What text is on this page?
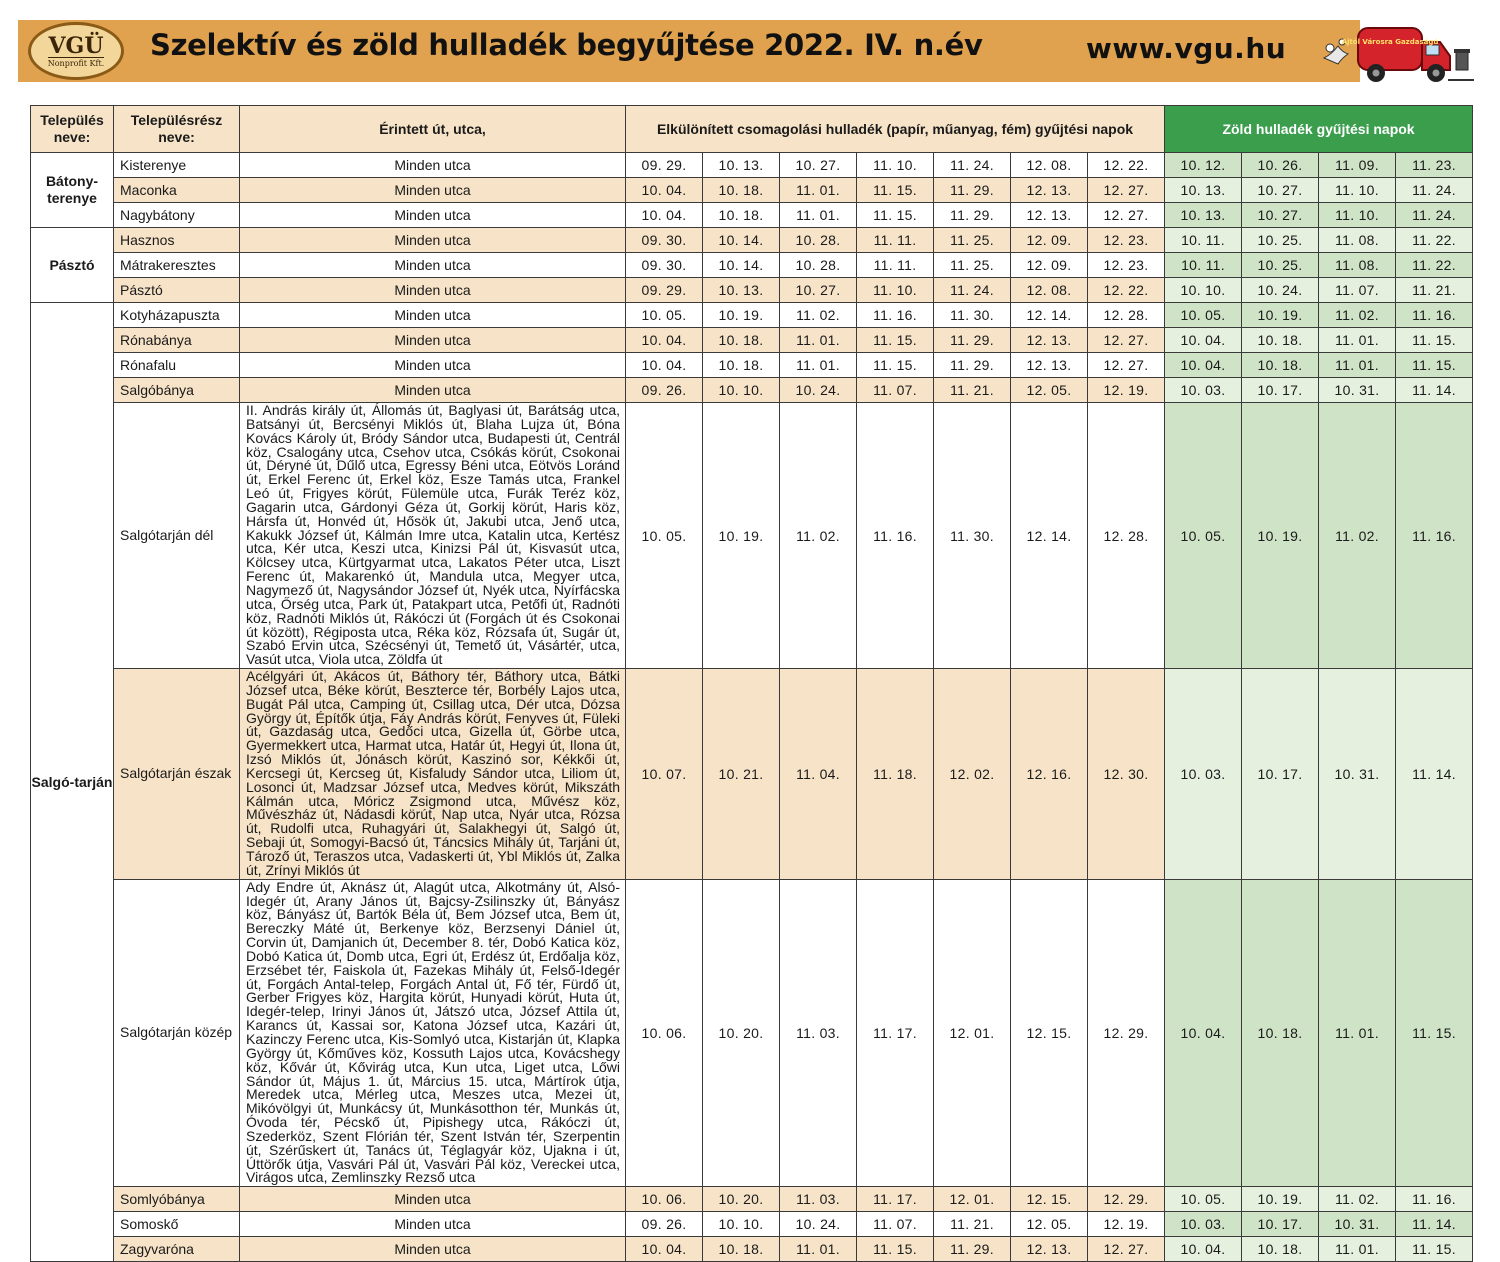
VGÜ
Nonprofit Kft.
Szelektív és zöld hulladék begyűjtése 2022. IV. n.év	www.vgu.hu	Ajtól Városra Gazdaságú
Település neve:	Településrész neve:	Érintett út, utca,	Elkülönített csomagolási hulladék (papír, műanyag, fém) gyűjtési napok							Zöld hulladék gyűjtési napok			
Bátony-terenye	Kisterenye	Minden utca	09. 29.	10. 13.	10. 27.	11. 10.	11. 24.	12. 08.	12. 22.	10. 12.	10. 26.	11. 09.	11. 23.
	Maconka	Minden utca	10. 04.	10. 18.	11. 01.	11. 15.	11. 29.	12. 13.	12. 27.	10. 13.	10. 27.	11. 10.	11. 24.
	Nagybátony	Minden utca	10. 04.	10. 18.	11. 01.	11. 15.	11. 29.	12. 13.	12. 27.	10. 13.	10. 27.	11. 10.	11. 24.
Pásztó	Hasznos	Minden utca	09. 30.	10. 14.	10. 28.	11. 11.	11. 25.	12. 09.	12. 23.	10. 11.	10. 25.	11. 08.	11. 22.
	Mátrakeresztes	Minden utca	09. 30.	10. 14.	10. 28.	11. 11.	11. 25.	12. 09.	12. 23.	10. 11.	10. 25.	11. 08.	11. 22.
	Pásztó	Minden utca	09. 29.	10. 13.	10. 27.	11. 10.	11. 24.	12. 08.	12. 22.	10. 10.	10. 24.	11. 07.	11. 21.
Salgó-tarján	Kotyházapuszta	Minden utca	10. 05.	10. 19.	11. 02.	11. 16.	11. 30.	12. 14.	12. 28.	10. 05.	10. 19.	11. 02.	11. 16.
	Rónabánya	Minden utca	10. 04.	10. 18.	11. 01.	11. 15.	11. 29.	12. 13.	12. 27.	10. 04.	10. 18.	11. 01.	11. 15.
	Rónafalu	Minden utca	10. 04.	10. 18.	11. 01.	11. 15.	11. 29.	12. 13.	12. 27.	10. 04.	10. 18.	11. 01.	11. 15.
	Salgóbánya	Minden utca	09. 26.	10. 10.	10. 24.	11. 07.	11. 21.	12. 05.	12. 19.	10. 03.	10. 17.	10. 31.	11. 14.
	Salgótarján dél	II. András király út, Állomás út, Baglyasi út, Barátság utca, Batsányi út, Bercsényi Miklós út, Blaha Lujza út, Bóna Kovács Károly út, Bródy Sándor utca, Budapesti út, Centrál köz, Csalogány utca, Csehov utca, Csókás körút, Csokonai út, Déryné út, Dűlő utca, Egressy Béni utca, Eötvös Loránd út, Erkel Ferenc út, Erkel köz, Esze Tamás utca, Frankel Leó út, Frigyes körút, Fülemüle utca, Furák Teréz köz, Gagarin utca, Gárdonyi Géza út, Gorkij körút, Haris köz, Hársfa út, Honvéd út, Hősök út, Jakubi utca, Jenő utca, Kakukk József út, Kálmán Imre utca, Katalin utca, Kertész utca, Kér utca, Keszi utca, Kinizsi Pál út, Kisvasút utca, Kölcsey utca, Kürtgyarmat utca, Lakatos Péter utca, Liszt Ferenc út, Makarenkó út, Mandula utca, Megyer utca, Nagymező út, Nagysándor József út, Nyék utca, Nyírfácska utca, Őrség utca, Park út, Patakpart utca, Petőfi út, Radnóti köz, Radnóti Miklós út, Rákóczi út (Forgách út és Csokonai út között), Régiposta utca, Réka köz, Rózsafa út, Sugár út, Szabó Ervin utca, Szécsényi út, Temető út, Vásártér, utca, Vasút utca, Viola utca, Zöldfa út	10. 05.	10. 19.	11. 02.	11. 16.	11. 30.	12. 14.	12. 28.	10. 05.	10. 19.	11. 02.	11. 16.
	Salgótarján észak	Acélgyári út, Akácos út, Báthory tér, Báthory utca, Bátki József utca, Béke körút, Beszterce tér, Borbély Lajos utca, Bugát Pál utca, Camping út, Csillag utca, Dér utca, Dózsa György út, Építők útja, Fáy András körút, Fenyves út, Füleki út, Gazdaság utca, Gedőci utca, Gizella út, Görbe utca, Gyermekkert utca, Harmat utca, Határ út, Hegyi út, Ilona út, Izsó Miklós út, Jónásch körút, Kaszinó sor, Kékkői út, Kercsegi út, Kercseg út, Kisfaludy Sándor utca, Liliom út, Losonci út, Madzsar József utca, Medves körút, Mikszáth Kálmán utca, Móricz Zsigmond utca, Művész köz, Művészház út, Nádasdi körút, Nap utca, Nyár utca, Rózsa út, Rudolfi utca, Ruhagyári út, Salakhegyi út, Salgó út, Sebaji út, Somogyi-Bacsó út, Táncsics Mihály út, Tarjáni út, Tároző út, Teraszos utca, Vadaskerti út, Ybl Miklós út, Zalka út, Zrínyi Miklós út	10. 07.	10. 21.	11. 04.	11. 18.	12. 02.	12. 16.	12. 30.	10. 03.	10. 17.	10. 31.	11. 14.
	Salgótarján közép	Ady Endre út, Aknász út, Alagút utca, Alkotmány út, Alsó-Idegér út, Arany János út, Bajcsy-Zsilinszky út, Bányász köz, Bányász út, Bartók Béla út, Bem József utca, Bem út, Bereczky Máté út, Berkenye köz, Berzsenyi Dániel út, Corvin út, Damjanich út, December 8. tér, Dobó Katica köz, Dobó Katica út, Domb utca, Egri út, Erdész út, Erdőalja köz, Erzsébet tér, Faiskola út, Fazekas Mihály út, Felső-Idegér út, Forgách Antal-telep, Forgách Antal út, Fő tér, Fürdő út, Gerber Frigyes köz, Hargita körút, Hunyadi körút, Huta út, Idegér-telep, Irinyi János út, Játszó utca, József Attila út, Karancs út, Kassai sor, Katona József utca, Kazári út, Kazinczy Ferenc utca, Kis-Somlyó utca, Kistarján út, Klapka György út, Kőműves köz, Kossuth Lajos utca, Kovácshegy köz, Kővár út, Kővirág utca, Kun utca, Liget utca, Lőwi Sándor út, Május 1. út, Március 15. utca, Mártírok útja, Meredek utca, Mérleg utca, Meszes utca, Mezei út, Mikóvölgyi út, Munkácsy út, Munkásotthon tér, Munkás út, Óvoda tér, Pécskő út, Pipishegy utca, Rákóczi út, Szederköz, Szent Flórián tér, Szent István tér, Szerpentin út, Szérűskert út, Tanács út, Téglagyár köz, Ujakna i út, Úttörők útja, Vasvári Pál út, Vasvári Pál köz, Vereckei utca, Virágos utca, Zemlinszky Rezső utca	10. 06.	10. 20.	11. 03.	11. 17.	12. 01.	12. 15.	12. 29.	10. 04.	10. 18.	11. 01.	11. 15.
	Somlyóbánya	Minden utca	10. 06.	10. 20.	11. 03.	11. 17.	12. 01.	12. 15.	12. 29.	10. 05.	10. 19.	11. 02.	11. 16.
	Somoskő	Minden utca	09. 26.	10. 10.	10. 24.	11. 07.	11. 21.	12. 05.	12. 19.	10. 03.	10. 17.	10. 31.	11. 14.
	Zagyvaróna	Minden utca	10. 04.	10. 18.	11. 01.	11. 15.	11. 29.	12. 13.	12. 27.	10. 04.	10. 18.	11. 01.	11. 15.
